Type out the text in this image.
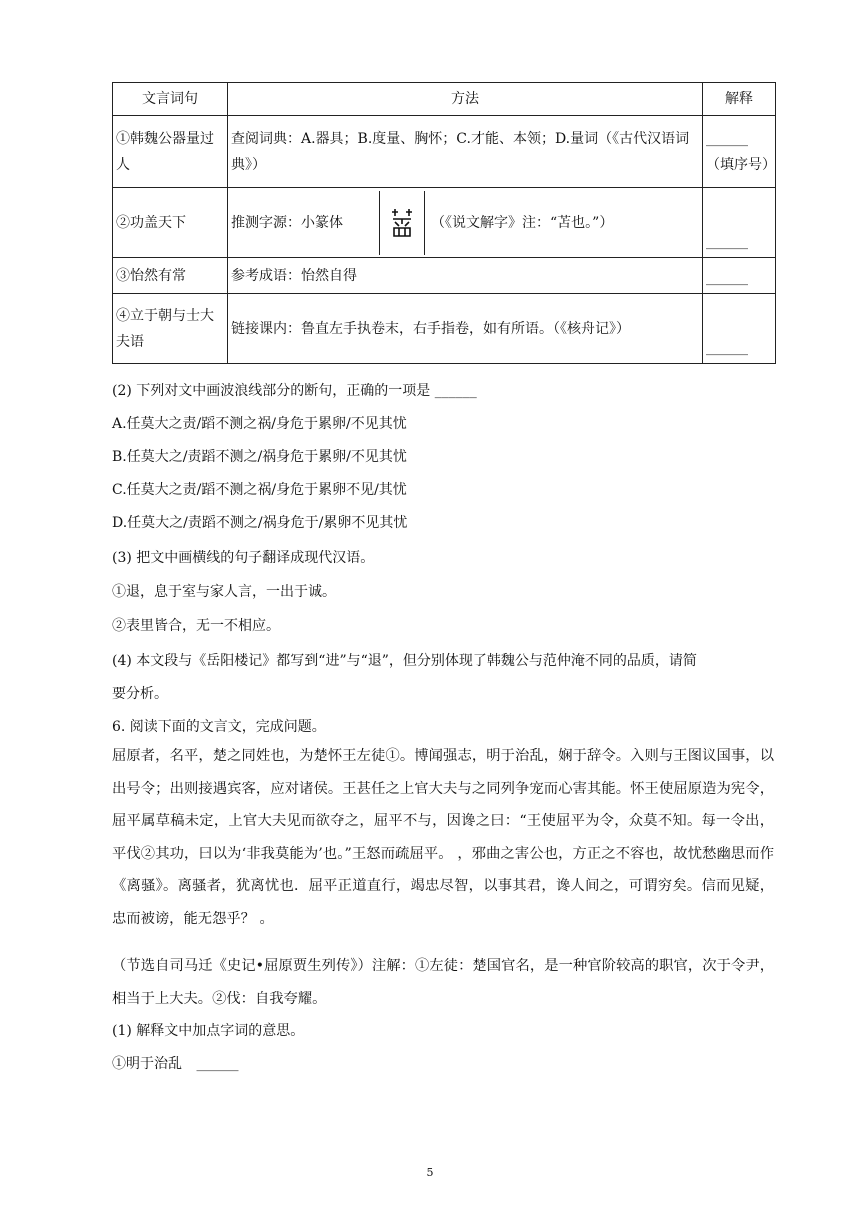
文言词句	方法	解释
①韩魏公器量过人	查阅词典：A.器具；B.度量、胸怀；C.才能、本领；D.量词（《古代汉语词典》）	______
（填序号）

②功盖天下	推测字源：小篆体 （《说文解字》注：“苫也。”）	______

③怡然有常	参考成语：怡然自得	______

④立于朝与士大夫语	链接课内：鲁直左手执卷末，右手指卷，如有所语。（《核舟记》）	______
(2) 下列对文中画波浪线部分的断句，正确的一项是 ______
A.任莫大之责/蹈不测之祸/身危于累卵/不见其忧
B.任莫大之/责蹈不测之/祸身危于累卵/不见其忧
C.任莫大之责/蹈不测之祸/身危于累卵不见/其忧
D.任莫大之/责蹈不测之/祸身危于/累卵不见其忧
(3) 把文中画横线的句子翻译成现代汉语。
①退，息于室与家人言，一出于诚。
②表里皆合，无一不相应。
(4) 本文段与《岳阳楼记》都写到“进”与“退”，但分别体现了韩魏公与范仲淹不同的品质，请简
要分析。
6. 阅读下面的文言文，完成问题。
屈原者，名平，楚之同姓也，为楚怀王左徒①。博闻强志，明于治乱，娴于辞令。入则与王图议国事，以出号令；出则接遇宾客，应对诸侯。王甚任之上官大夫与之同列争宠而心害其能。怀王使屈原造为宪令，屈平属草稿未定，上官大夫见而欲夺之，屈平不与，因谗之曰：“王使屈平为令，众莫不知。每一令出，平伐②其功，曰以为‘非我莫能为’也。”王怒而疏屈平。 ，邪曲之害公也，方正之不容也，故忧愁幽思而作《离骚》。离骚者，犹离忧也．屈平正道直行，竭忠尽智，以事其君，谗人间之，可谓穷矣。信而见疑，忠而被谤，能无怨乎？ 。
（节选自司马迁《史记•屈原贾生列传》）注解：①左徒：楚国官名，是一种官阶较高的职官，次于令尹，相当于上大夫。②伐：自我夸耀。
(1) 解释文中加点字词的意思。
①明于治乱 ______
5
